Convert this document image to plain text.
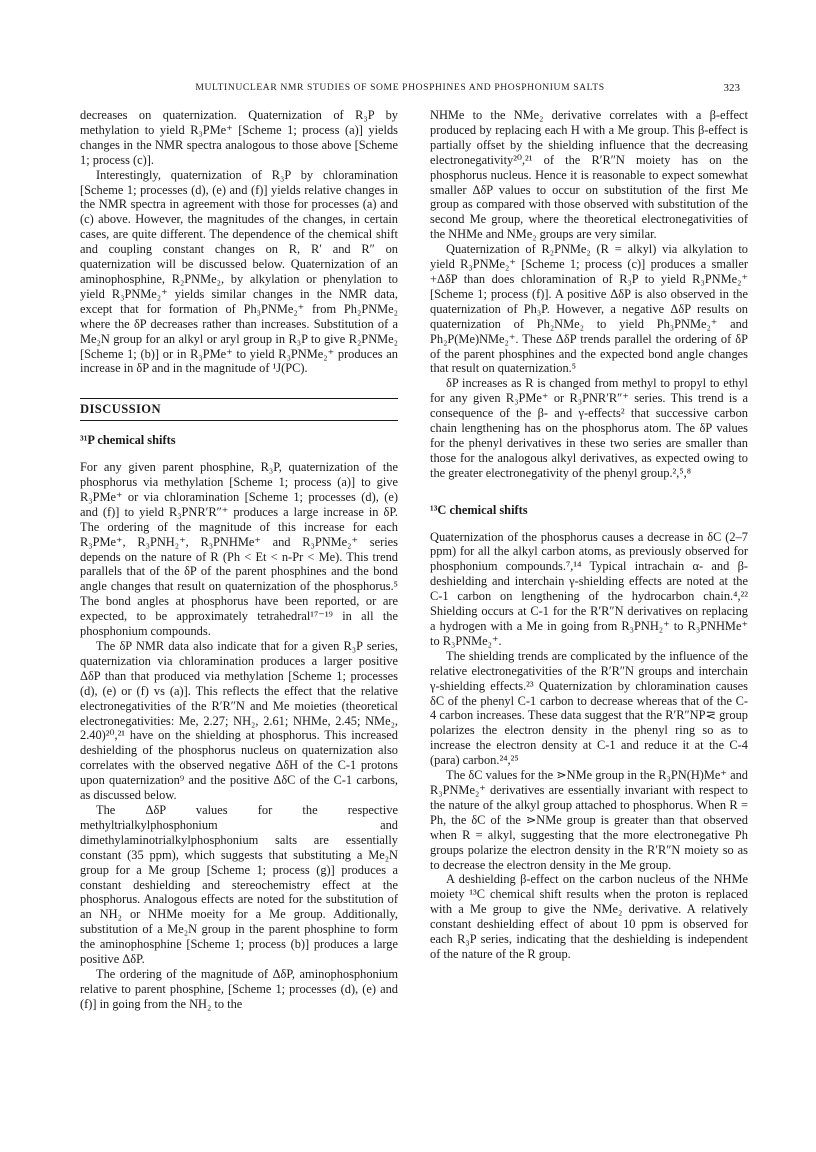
MULTINUCLEAR NMR STUDIES OF SOME PHOSPHINES AND PHOSPHONIUM SALTS	323

decreases on quaternization. Quaternization of R₃P by methylation to yield R₃PMe⁺ [Scheme 1; process (a)] yields changes in the NMR spectra analogous to those above [Scheme 1; process (c)].

Interestingly, quaternization of R₃P by chloramination [Scheme 1; processes (d), (e) and (f)] yields relative changes in the NMR spectra in agreement with those for processes (a) and (c) above. However, the magnitudes of the changes, in certain cases, are quite different. The dependence of the chemical shift and coupling constant changes on R, R′ and R″ on quaternization will be discussed below. Quaternization of an aminophosphine, R₂PNMe₂, by alkylation or phenylation to yield R₃PNMe₂⁺ yields similar changes in the NMR data, except that for formation of Ph₃PNMe₂⁺ from Ph₂PNMe₂ where the δP decreases rather than increases. Substitution of a Me₂N group for an alkyl or aryl group in R₃P to give R₂PNMe₂ [Scheme 1; (b)] or in R₃PMe⁺ to yield R₃PNMe₂⁺ produces an increase in δP and in the magnitude of ¹J(PC).

DISCUSSION
³¹P chemical shifts

For any given parent phosphine, R₃P, quaternization of the phosphorus via methylation [Scheme 1; process (a)] to give R₃PMe⁺ or via chloramination [Scheme 1; processes (d), (e) and (f)] to yield R₃PNR′R″⁺ produces a large increase in δP. The ordering of the magnitude of this increase for each R₃PMe⁺, R₃PNH₂⁺, R₃PNHMe⁺ and R₃PNMe₂⁺ series depends on the nature of R (Ph < Et < n-Pr < Me). This trend parallels that of the δP of the parent phosphines and the bond angle changes that result on quaternization of the phosphorus.⁵ The bond angles at phosphorus have been reported, or are expected, to be approximately tetrahedral¹⁷⁻¹⁹ in all the phosphonium compounds.

The δP NMR data also indicate that for a given R₃P series, quaternization via chloramination produces a larger positive ΔδP than that produced via methylation [Scheme 1; processes (d), (e) or (f) vs (a)]. This reflects the effect that the relative electronegativities of the R′R″N and Me moieties (theoretical electronegativities: Me, 2.27; NH₂, 2.61; NHMe, 2.45; NMe₂, 2.40)²⁰,²¹ have on the shielding at phosphorus. This increased deshielding of the phosphorus nucleus on quaternization also correlates with the observed negative ΔδH of the C-1 protons upon quaternization⁹ and the positive ΔδC of the C-1 carbons, as discussed below.

The ΔδP values for the respective methyltrialkylphosphonium and dimethylaminotrialkylphosphonium salts are essentially constant (35 ppm), which suggests that substituting a Me₂N group for a Me group [Scheme 1; process (g)] produces a constant deshielding and stereochemistry effect at the phosphorus. Analogous effects are noted for the substitution of an NH₂ or NHMe moeity for a Me group. Additionally, substitution of a Me₂N group in the parent phosphine to form the aminophosphine [Scheme 1; process (b)] produces a large positive ΔδP.

The ordering of the magnitude of ΔδP, aminophosphonium relative to parent phosphine, [Scheme 1; processes (d), (e) and (f)] in going from the NH₂ to the

NHMe to the NMe₂ derivative correlates with a β-effect produced by replacing each H with a Me group. This β-effect is partially offset by the shielding influence that the decreasing electronegativity²⁰,²¹ of the R′R″N moiety has on the phosphorus nucleus. Hence it is reasonable to expect somewhat smaller ΔδP values to occur on substitution of the first Me group as compared with those observed with substitution of the second Me group, where the theoretical electronegativities of the NHMe and NMe₂ groups are very similar.

Quaternization of R₂PNMe₂ (R = alkyl) via alkylation to yield R₃PNMe₂⁺ [Scheme 1; process (c)] produces a smaller +ΔδP than does chloramination of R₃P to yield R₃PNMe₂⁺ [Scheme 1; process (f)]. A positive ΔδP is also observed in the quaternization of Ph₃P. However, a negative ΔδP results on quaternization of Ph₂NMe₂ to yield Ph₃PNMe₂⁺ and Ph₂P(Me)NMe₂⁺. These ΔδP trends parallel the ordering of δP of the parent phosphines and the expected bond angle changes that result on quaternization.⁵

δP increases as R is changed from methyl to propyl to ethyl for any given R₃PMe⁺ or R₃PNR′R″⁺ series. This trend is a consequence of the β- and γ-effects² that successive carbon chain lengthening has on the phosphorus atom. The δP values for the phenyl derivatives in these two series are smaller than those for the analogous alkyl derivatives, as expected owing to the greater electronegativity of the phenyl group.²,⁵,⁸

¹³C chemical shifts

Quaternization of the phosphorus causes a decrease in δC (2–7 ppm) for all the alkyl carbon atoms, as previously observed for phosphonium compounds.⁷,¹⁴ Typical intrachain α- and β-deshielding and interchain γ-shielding effects are noted at the C-1 carbon on lengthening of the hydrocarbon chain.⁴,²² Shielding occurs at C-1 for the R′R″N derivatives on replacing a hydrogen with a Me in going from R₃PNH₂⁺ to R₃PNHMe⁺ to R₃PNMe₂⁺.

The shielding trends are complicated by the influence of the relative electronegativities of the R′R″N groups and interchain γ-shielding effects.²³ Quaternization by chloramination causes δC of the phenyl C-1 carbon to decrease whereas that of the C-4 carbon increases. These data suggest that the R′R″NP⋜ group polarizes the electron density in the phenyl ring so as to increase the electron density at C-1 and reduce it at the C-4 (para) carbon.²⁴,²⁵

The δC values for the ⋗NMe group in the R₃PN(H)Me⁺ and R₃PNMe₂⁺ derivatives are essentially invariant with respect to the nature of the alkyl group attached to phosphorus. When R = Ph, the δC of the ⋗NMe group is greater than that observed when R = alkyl, suggesting that the more electronegative Ph groups polarize the electron density in the R′R″N moiety so as to decrease the electron density in the Me group.

A deshielding β-effect on the carbon nucleus of the NHMe moiety ¹³C chemical shift results when the proton is replaced with a Me group to give the NMe₂ derivative. A relatively constant deshielding effect of about 10 ppm is observed for each R₃P series, indicating that the deshielding is independent of the nature of the R group.
